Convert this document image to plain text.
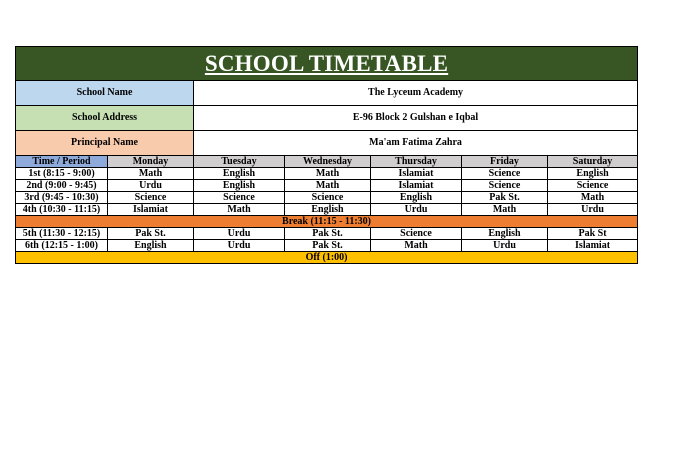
SCHOOL TIMETABLE						
School Name		The Lyceum Academy				
School Address		E-96 Block 2 Gulshan e Iqbal				
Principal Name		Ma'am Fatima Zahra				
Time / Period	Monday	Tuesday	Wednesday	Thursday	Friday	Saturday
1st (8:15 - 9:00)	Math	English	Math	Islamiat	Science	English
2nd (9:00 - 9:45)	Urdu	English	Math	Islamiat	Science	Science
3rd (9:45 - 10:30)	Science	Science	Science	English	Pak St.	Math
4th (10:30 - 11:15)	Islamiat	Math	English	Urdu	Math	Urdu
Break (11:15 - 11:30)						
5th (11:30 - 12:15)	Pak St.	Urdu	Pak St.	Science	English	Pak St
6th (12:15 - 1:00)	English	Urdu	Pak St.	Math	Urdu	Islamiat
Off (1:00)						
